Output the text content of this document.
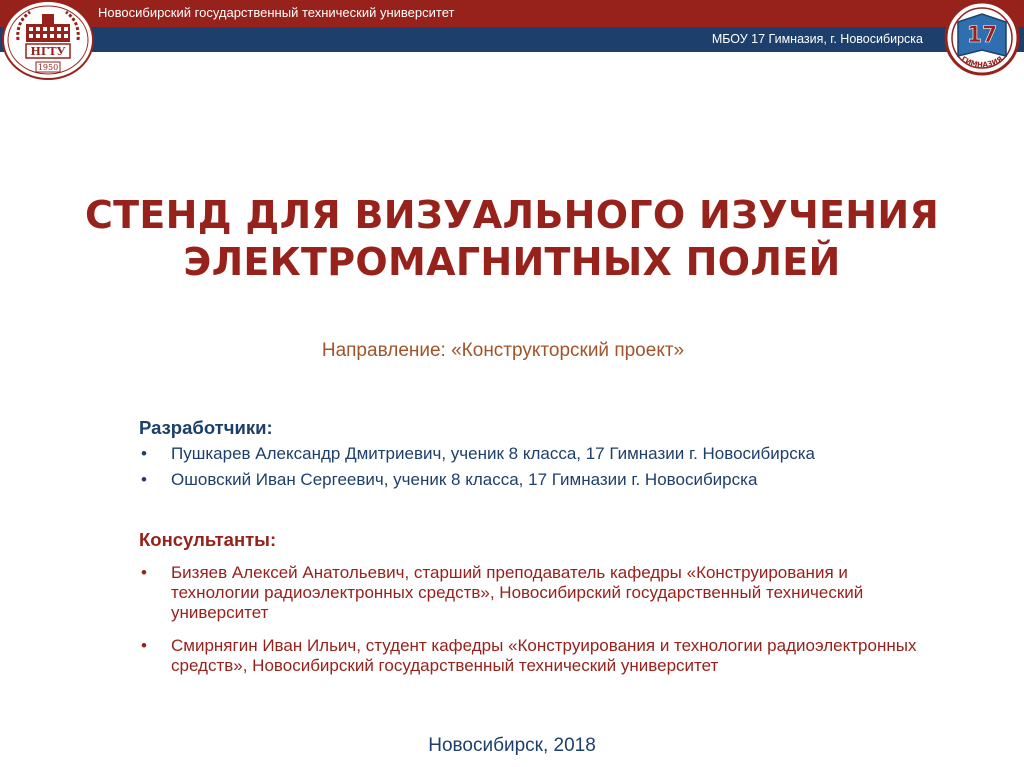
Новосибирский государственный технический университет
МБОУ 17 Гимназия, г. Новосибирска
НГТУ
1950
17
ГИМНАЗИЯ
СТЕНД ДЛЯ ВИЗУАЛЬНОГО ИЗУЧЕНИЯ
ЭЛЕКТРОМАГНИТНЫХ ПОЛЕЙ
Направление: «Конструкторский проект»
Разработчики:
• Пушкарев Александр Дмитриевич, ученик 8 класса, 17 Гимназии г. Новосибирска
• Ошовский Иван Сергеевич, ученик 8 класса, 17 Гимназии г. Новосибирска
Консультанты:
• Бизяев Алексей Анатольевич, старший преподаватель кафедры «Конструирования и технологии радиоэлектронных средств», Новосибирский государственный технический университет
• Смирнягин Иван Ильич, студент кафедры «Конструирования и технологии радиоэлектронных средств», Новосибирский государственный технический университет
Новосибирск, 2018
